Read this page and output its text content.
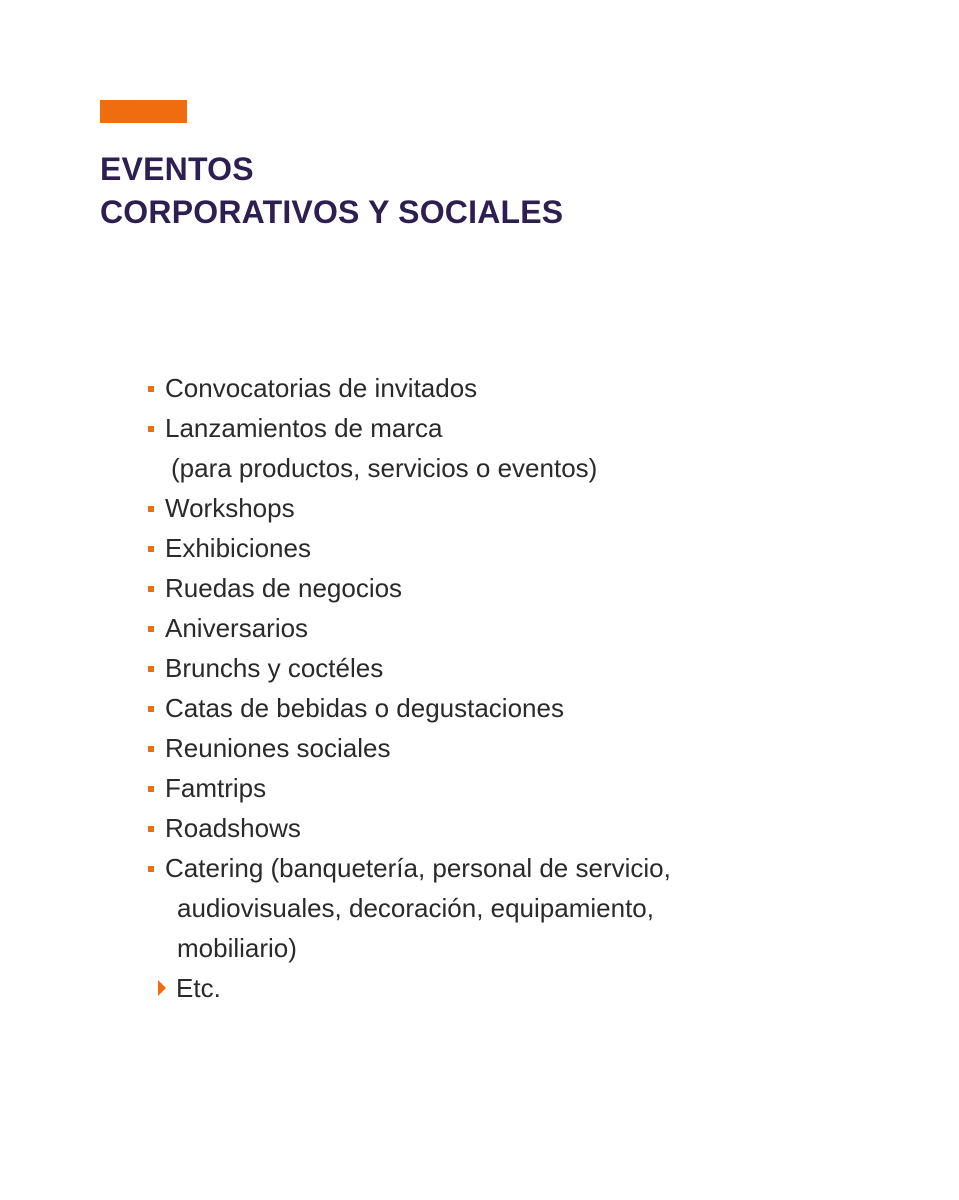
EVENTOS
CORPORATIVOS Y SOCIALES
Convocatorias de invitados
Lanzamientos de marca
(para productos, servicios o eventos)
Workshops
Exhibiciones
Ruedas de negocios
Aniversarios
Brunchs y coctéles
Catas de bebidas o degustaciones
Reuniones sociales
Famtrips
Roadshows
Catering (banquetería, personal de servicio,
audiovisuales, decoración, equipamiento,
mobiliario)
Etc.
